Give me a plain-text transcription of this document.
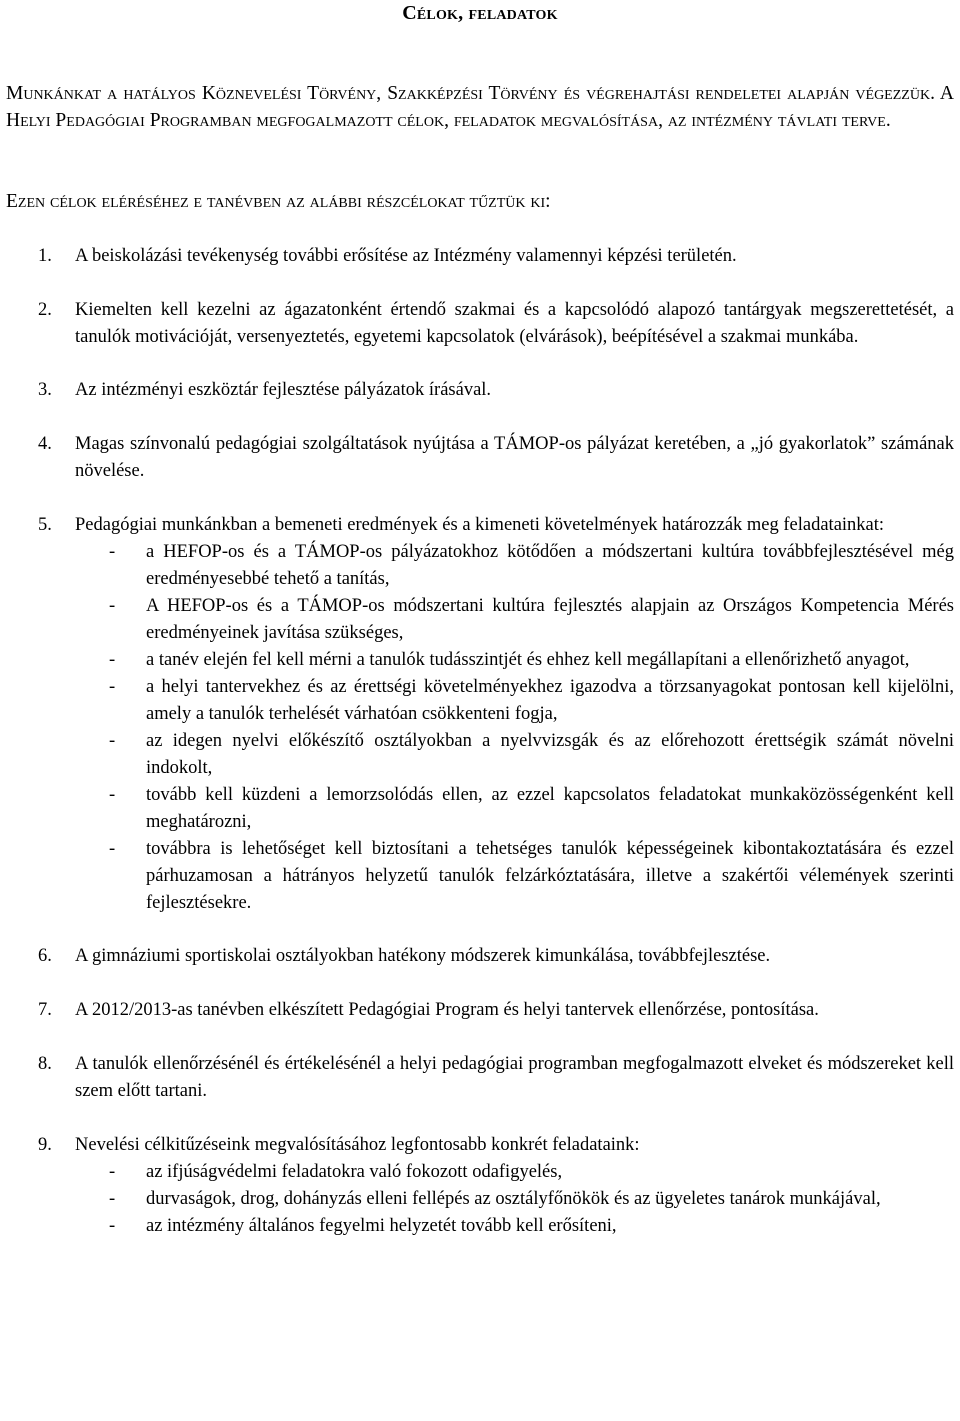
Célok, feladatok
Munkánkat a hatályos Köznevelési Törvény, Szakképzési Törvény és végrehajtási rendeletei alapján végezzük. A Helyi Pedagógiai Programban megfogalmazott célok, feladatok megvalósítása, az intézmény távlati terve.
Ezen célok eléréséhez e tanévben az alábbi részcélokat tűztük ki:
1. A beiskolázási tevékenység további erősítése az Intézmény valamennyi képzési területén.
2. Kiemelten kell kezelni az ágazatonként értendő szakmai és a kapcsolódó alapozó tantárgyak megszerettetését, a tanulók motivációját, versenyeztetés, egyetemi kapcsolatok (elvárások), beépítésével a szakmai munkába.
3. Az intézményi eszköztár fejlesztése pályázatok írásával.
4. Magas színvonalú pedagógiai szolgáltatások nyújtása a TÁMOP-os pályázat keretében, a „jó gyakorlatok” számának növelése.
5. Pedagógiai munkánkban a bemeneti eredmények és a kimeneti követelmények határozzák meg feladatainkat:
- a HEFOP-os és a TÁMOP-os pályázatokhoz kötődően a módszertani kultúra továbbfejlesztésével még eredményesebbé tehető a tanítás,
- A HEFOP-os és a TÁMOP-os módszertani kultúra fejlesztés alapjain az Országos Kompetencia Mérés eredményeinek javítása szükséges,
- a tanév elején fel kell mérni a tanulók tudásszintjét és ehhez kell megállapítani a ellenőrizhető anyagot,
- a helyi tantervekhez és az érettségi követelményekhez igazodva a törzsanyagokat pontosan kell kijelölni, amely a tanulók terhelését várhatóan csökkenteni fogja,
- az idegen nyelvi előkészítő osztályokban a nyelvvizsgák és az előrehozott érettségik számát növelni indokolt,
- tovább kell küzdeni a lemorzsolódás ellen, az ezzel kapcsolatos feladatokat munkaközösségenként kell meghatározni,
- továbbra is lehetőséget kell biztosítani a tehetséges tanulók képességeinek kibontakoztatására és ezzel párhuzamosan a hátrányos helyzetű tanulók felzárkóztatására, illetve a szakértői vélemények szerinti fejlesztésekre.
6. A gimnáziumi sportiskolai osztályokban hatékony módszerek kimunkálása, továbbfejlesztése.
7. A 2012/2013-as tanévben elkészített Pedagógiai Program és helyi tantervek ellenőrzése, pontosítása.
8. A tanulók ellenőrzésénél és értékelésénél a helyi pedagógiai programban megfogalmazott elveket és módszereket kell szem előtt tartani.
9. Nevelési célkitűzéseink megvalósításához legfontosabb konkrét feladataink:
- az ifjúságvédelmi feladatokra való fokozott odafigyelés,
- durvaságok, drog, dohányzás elleni fellépés az osztályfőnökök és az ügyeletes tanárok munkájával,
- az intézmény általános fegyelmi helyzetét tovább kell erősíteni,
